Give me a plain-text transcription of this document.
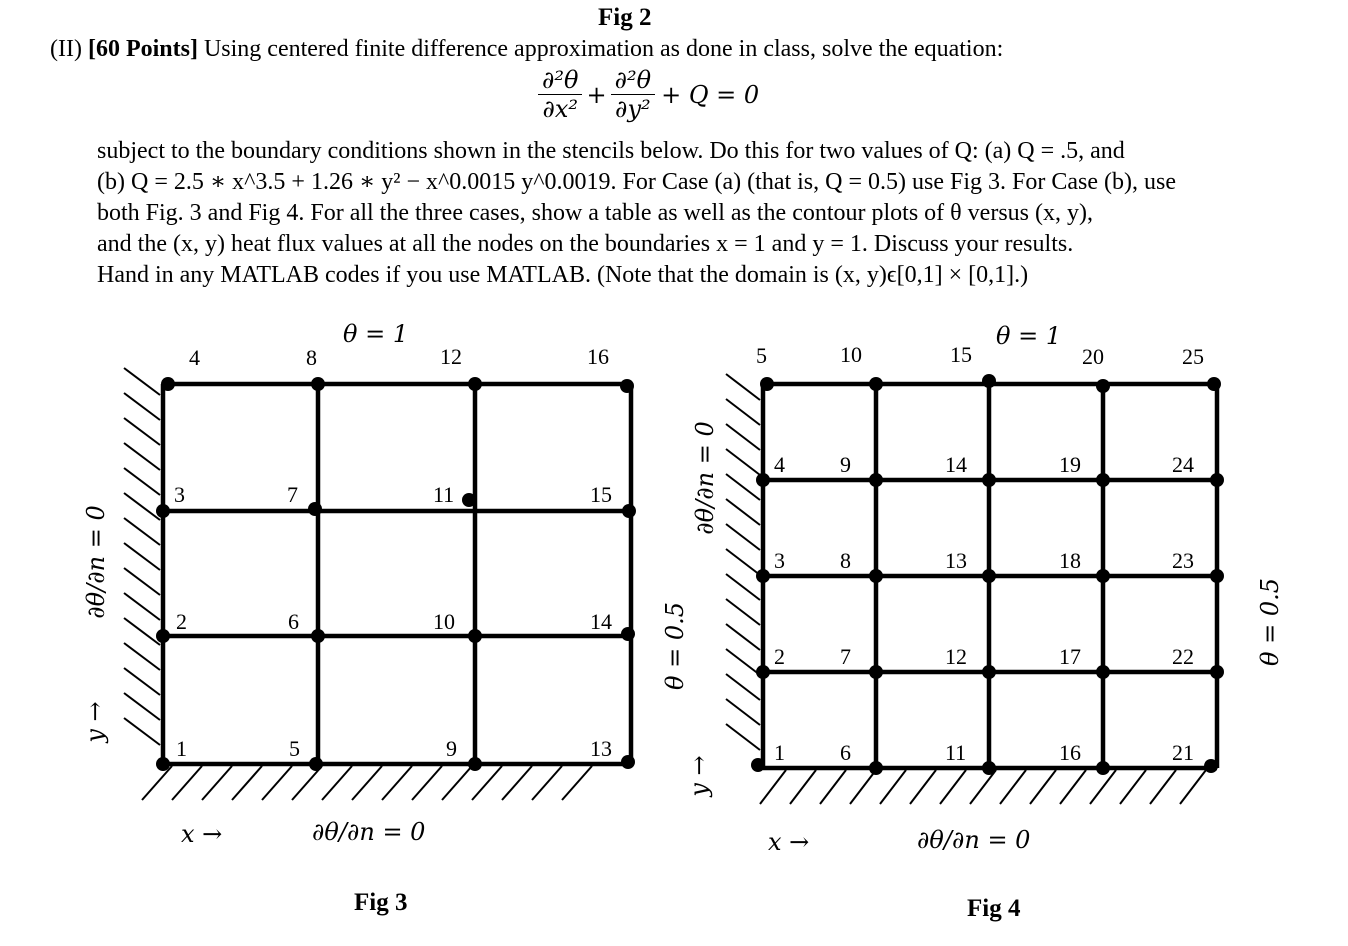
Fig 2
(II) [60 Points] Using centered finite difference approximation as done in class, solve the equation:
$\frac{\text{∂²θ}}{\text{∂x²}} + \frac{\text{∂²θ}}{\text{∂y²}} + Q = 0$
subject to the boundary conditions shown in the stencils below. Do this for two values of Q: (a) Q = .5, and
(b) Q = 2.5 ∗ x^3.5 + 1.26 ∗ y² − x^0.0015 y^0.0019. For Case (a) (that is, Q = 0.5) use Fig 3. For Case (b), use
both Fig. 3 and Fig 4. For all the three cases, show a table as well as the contour plots of θ versus (x, y),
and the (x, y) heat flux values at all the nodes on the boundaries x = 1 and y = 1. Discuss your results.
Hand in any MATLAB codes if you use MATLAB. (Note that the domain is (x, y)ϵ[0,1] × [0,1].)
1
2
3
4
5
6
7
8
9
10
11
12
13
14
15
16
θ = 1
∂θ/∂n = 0
y →
x →	∂θ/∂n = 0
Fig 3
1
2
3
4
5
6
7
8
9
10
11
12
13
14
15
16
17
18
19
20
21
22
23
24
25
θ = 1
∂θ/∂n = 0
θ = 0.5
y →
θ = 0.5
x →	∂θ/∂n = 0
Fig 4
